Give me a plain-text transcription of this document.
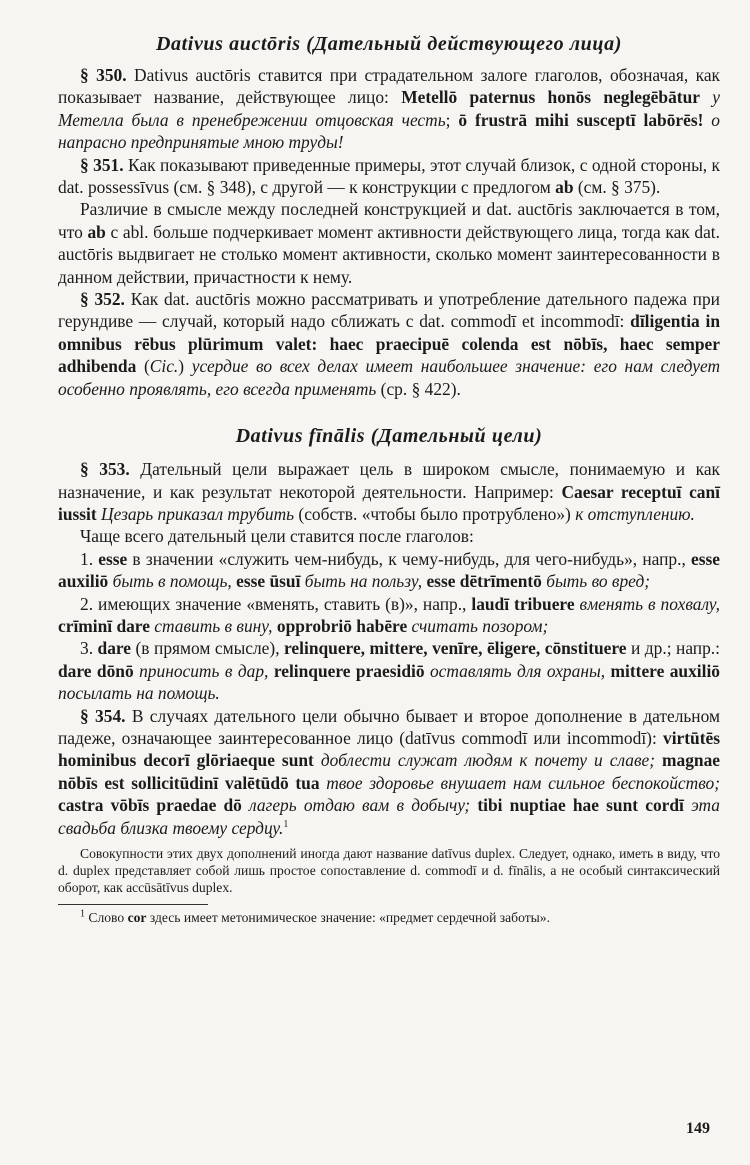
Dativus auctōris (Дательный действующего лица)

§ 350. Dativus auctōris ставится при страдательном залоге глаголов, обозначая, как показывает название, действующее лицо: Metellō paternus honōs neglegēbātur у Метелла была в пренебрежении отцовская честь; ō frustrā mihi susceptī labōrēs! о напрасно предпринятые мною труды!

§ 351. Как показывают приведенные примеры, этот случай близок, с одной стороны, к dat. possessīvus (см. § 348), с другой — к конструкции с предлогом ab (см. § 375).

Различие в смысле между последней конструкцией и dat. auctōris заключается в том, что ab с abl. больше подчеркивает момент активности действующего лица, тогда как dat. auctōris выдвигает не столько момент активности, сколько момент заинтересованности в данном действии, причастности к нему.

§ 352. Как dat. auctōris можно рассматривать и употребление дательного падежа при герундиве — случай, который надо сближать с dat. commodī et incommodī: dīligentia in omnibus rēbus plūrimum valet: haec praecipuē colenda est nōbīs, haec semper adhibenda (Cic.) усердие во всех делах имеет наибольшее значение: его нам следует особенно проявлять, его всегда применять (ср. § 422).

Dativus fīnālis (Дательный цели)

§ 353. Дательный цели выражает цель в широком смысле, понимаемую и как назначение, и как результат некоторой деятельности. Например: Caesar receptuī canī iussit Цезарь приказал трубить (собств. «чтобы было протрублено») к отступлению.

Чаще всего дательный цели ставится после глаголов:

1. esse в значении «служить чем-нибудь, к чему-нибудь, для чего-нибудь», напр., esse auxiliō быть в помощь, esse ūsuī быть на пользу, esse dētrīmentō быть во вред;

2. имеющих значение «вменять, ставить (в)», напр., laudī tribuere вменять в похвалу, crīminī dare ставить в вину, opprobriō habēre считать позором;

3. dare (в прямом смысле), relinquere, mittere, venīre, ēligere, cōnstituere и др.; напр.: dare dōnō приносить в дар, relinquere praesidiō оставлять для охраны, mittere auxiliō посылать на помощь.

§ 354. В случаях дательного цели обычно бывает и второе дополнение в дательном падеже, означающее заинтересованное лицо (datīvus commodī или incommodī): virtūtēs hominibus decorī glōriaeque sunt доблести служат людям к почету и славе; magnae nōbīs est sollicitūdinī valētūdō tua твое здоровье внушает нам сильное беспокойство; castra vōbīs praedae dō лагерь отдаю вам в добычу; tibi nuptiae hae sunt cordī эта свадьба близка твоему сердцу.$^1$

Совокупности этих двух дополнений иногда дают название datīvus duplex. Следует, однако, иметь в виду, что d. duplex представляет собой лишь простое сопоставление d. commodī и d. fīnālis, а не особый синтаксический оборот, как accūsātīvus duplex.

$^1$ Слово cor здесь имеет метонимическое значение: «предмет сердечной заботы».

149
